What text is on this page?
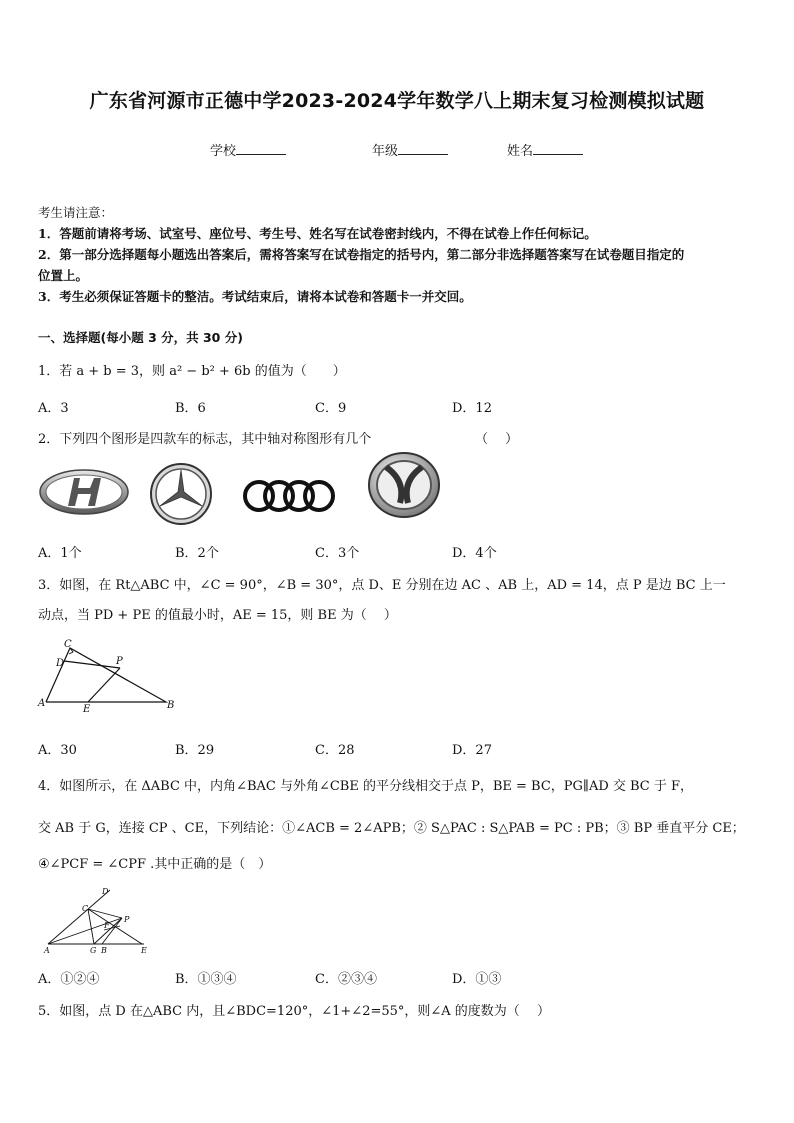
广东省河源市正德中学2023-2024学年数学八上期末复习检测模拟试题
学校	年级	姓名
考生请注意：
1．答题前请将考场、试室号、座位号、考生号、姓名写在试卷密封线内，不得在试卷上作任何标记。
2．第一部分选择题每小题选出答案后，需将答案写在试卷指定的括号内，第二部分非选择题答案写在试卷题目指定的
位置上。
3．考生必须保证答题卡的整洁。考试结束后，请将本试卷和答题卡一并交回。
一、选择题(每小题 3 分，共 30 分)
1．若 a + b = 3，则 a² − b² + 6b 的值为（　　）
A．3	B．6	C．9	D．12
2．下列四个图形是四款车的标志，其中轴对称图形有几个	（　 ）
A．1个	B．2个	C．3个	D．4个
3．如图，在 Rt△ABC 中，∠C = 90°，∠B = 30°，点 D、E 分别在边 AC 、AB 上，AD = 14，点 P 是边 BC 上一
动点，当 PD + PE 的值最小时，AE = 15，则 BE 为（　 ）
C
D	P
A
E	B
A．30	B．29	C．28	D．27
4．如图所示，在 ΔABC 中，内角∠BAC 与外角∠CBE 的平分线相交于点 P，BE = BC，PG∥AD 交 BC 于 F，
交 AB 于 G，连接 CP 、CE，下列结论：①∠ACB = 2∠APB；② S△PAC : S△PAB = PC : PB；③ BP 垂直平分 CE；
④∠PCF = ∠CPF .其中正确的是（　）
D
C
P
F
A	G B	E
A．①②④	B．①③④	C．②③④	D．①③
5．如图，点 D 在△ABC 内，且∠BDC=120°，∠1+∠2=55°，则∠A 的度数为（　 ）
